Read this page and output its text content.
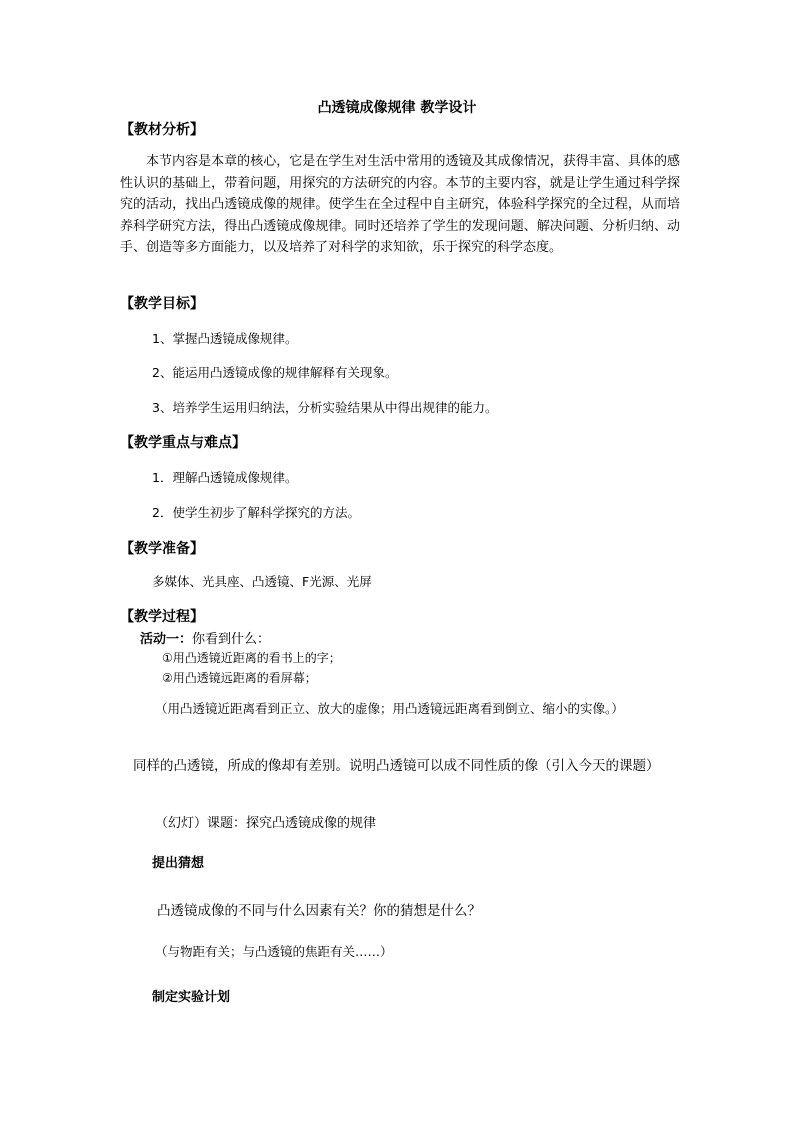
凸透镜成像规律 教学设计
【教材分析】
本节内容是本章的核心，它是在学生对生活中常用的透镜及其成像情况，获得丰富、具体的感性认识的基础上，带着问题，用探究的方法研究的内容。本节的主要内容，就是让学生通过科学探究的活动，找出凸透镜成像的规律。使学生在全过程中自主研究，体验科学探究的全过程，从而培养科学研究方法，得出凸透镜成像规律。同时还培养了学生的发现问题、解决问题、分析归纳、动手、创造等多方面能力，以及培养了对科学的求知欲，乐于探究的科学态度。
【教学目标】
1、掌握凸透镜成像规律。
2、能运用凸透镜成像的规律解释有关现象。
3、培养学生运用归纳法，分析实验结果从中得出规律的能力。
【教学重点与难点】
1．理解凸透镜成像规律。
2．使学生初步了解科学探究的方法。
【教学准备】
多媒体、光具座、凸透镜、F光源、光屏
【教学过程】
活动一：你看到什么：
①用凸透镜近距离的看书上的字；
②用凸透镜远距离的看屏幕；
（用凸透镜近距离看到正立、放大的虚像；用凸透镜远距离看到倒立、缩小的实像。）
同样的凸透镜，所成的像却有差别。说明凸透镜可以成不同性质的像（引入今天的课题）
（幻灯）课题：探究凸透镜成像的规律
提出猜想
凸透镜成像的不同与什么因素有关？你的猜想是什么？
（与物距有关；与凸透镜的焦距有关……）
制定实验计划
